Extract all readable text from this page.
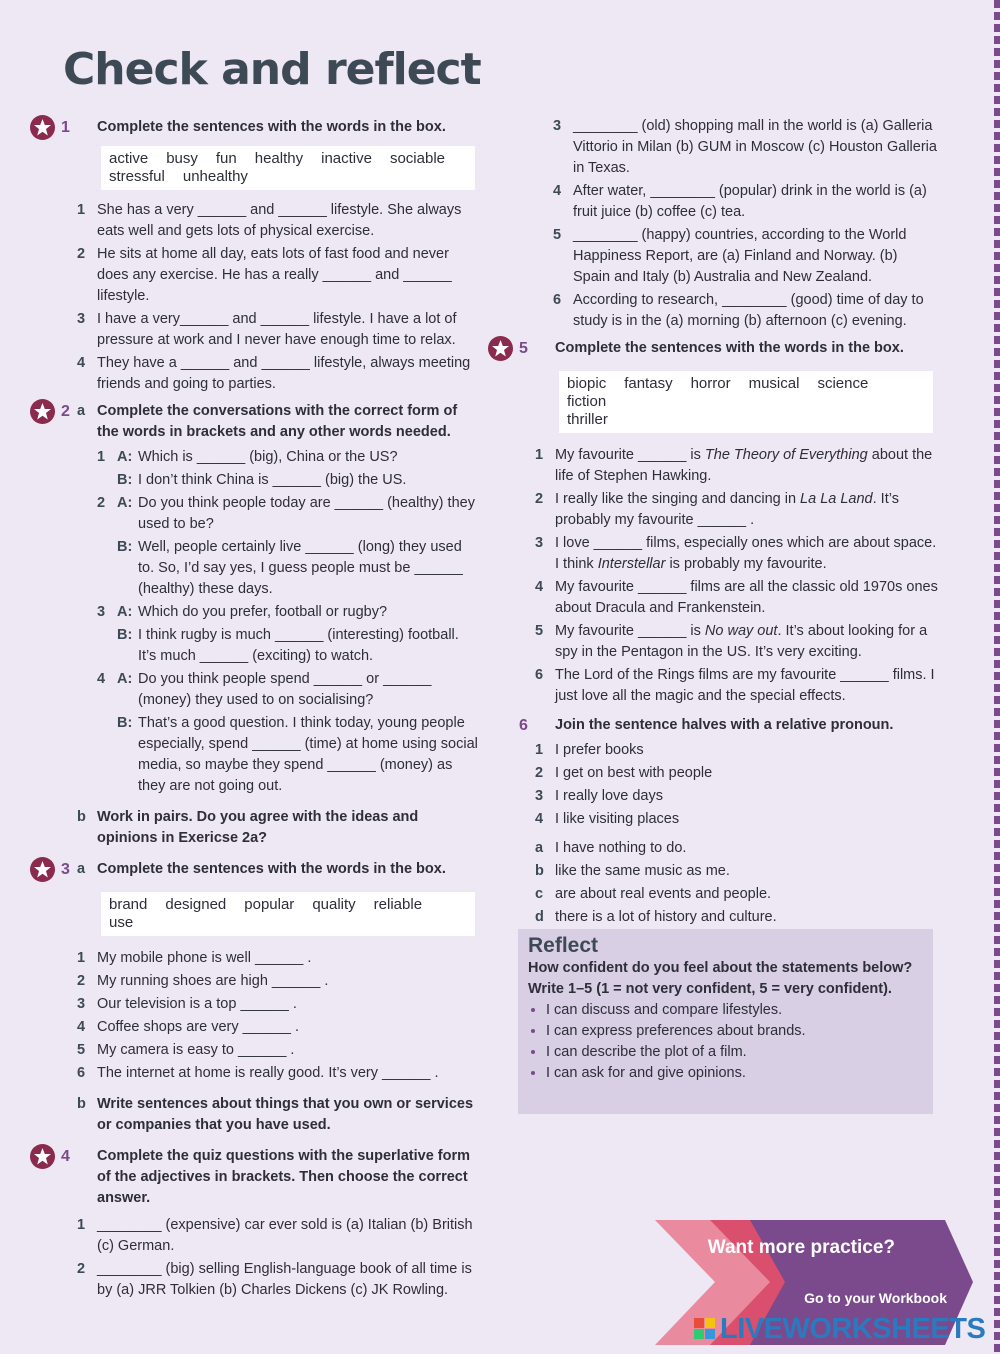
Check and reflect
1 Complete the sentences with the words in the box.

active busy fun healthy inactive sociable
stressful unhealthy
1 She has a very ______ and ______ lifestyle. She always eats well and gets lots of physical exercise.
2 He sits at home all day, eats lots of fast food and never does any exercise. He has a really ______ and ______ lifestyle.
3 I have a very______ and ______ lifestyle. I have a lot of pressure at work and I never have enough time to relax.
4 They have a ______ and ______ lifestyle, always meeting friends and going to parties.
2 a Complete the conversations with the correct form of the words in brackets and any other words needed.

1 A: Which is ______ (big), China or the US?
B: I don’t think China is ______ (big) the US.
2 A: Do you think people today are ______ (healthy) they used to be?
B: Well, people certainly live ______ (long) they used to. So, I’d say yes, I guess people must be ______ (healthy) these days.
3 A: Which do you prefer, football or rugby?
B: I think rugby is much ______ (interesting) football. It’s much ______ (exciting) to watch.
4 A: Do you think people spend ______ or ______ (money) they used to on socialising?
B: That’s a good question. I think today, young people especially, spend ______ (time) at home using social media, so maybe they spend ______ (money) as they are not going out.
b Work in pairs. Do you agree with the ideas and opinions in Exericse 2a?

3 a Complete the sentences with the words in the box.

brand designed popular quality reliable
use
1 My mobile phone is well ______ .
2 My running shoes are high ______ .
3 Our television is a top ______ .
4 Coffee shops are very ______ .
5 My camera is easy to ______ .
6 The internet at home is really good. It’s very ______ .
b Write sentences about things that you own or services or companies that you have used.

4 Complete the quiz questions with the superlative form of the adjectives in brackets. Then choose the correct answer.

1 ________ (expensive) car ever sold is (a) Italian (b) British (c) German.
2 ________ (big) selling English-language book of all time is by (a) JRR Tolkien (b) Charles Dickens (c) JK Rowling.
3 ________ (old) shopping mall in the world is (a) Galleria Vittorio in Milan (b) GUM in Moscow (c) Houston Galleria in Texas.
4 After water, ________ (popular) drink in the world is (a) fruit juice (b) coffee (c) tea.
5 ________ (happy) countries, according to the World Happiness Report, are (a) Finland and Norway. (b) Spain and Italy (b) Australia and New Zealand.
6 According to research, ________ (good) time of day to study is in the (a) morning (b) afternoon (c) evening.
5 Complete the sentences with the words in the box.

biopic fantasy horror musical science fiction
thriller
1 My favourite ______ is The Theory of Everything about the life of Stephen Hawking.
2 I really like the singing and dancing in La La Land. It’s probably my favourite ______ .
3 I love ______ films, especially ones which are about space. I think Interstellar is probably my favourite.
4 My favourite ______ films are all the classic old 1970s ones about Dracula and Frankenstein.
5 My favourite ______ is No way out. It’s about looking for a spy in the Pentagon in the US. It’s very exciting.
6 The Lord of the Rings films are my favourite ______ films. I just love all the magic and the special effects.
6 Join the sentence halves with a relative pronoun.

1 I prefer books
2 I get on best with people
3 I really love days
4 I like visiting places
a I have nothing to do.
b like the same music as me.
c are about real events and people.
d there is a lot of history and culture.
Reflect

How confident do you feel about the statements below? Write 1–5 (1 = not very confident, 5 = very confident).

• I can discuss and compare lifestyles.
• I can express preferences about brands.
• I can describe the plot of a film.
• I can ask for and give opinions.
Want more practice?
Go to your Workbook
LIVEWORKSHEETS
